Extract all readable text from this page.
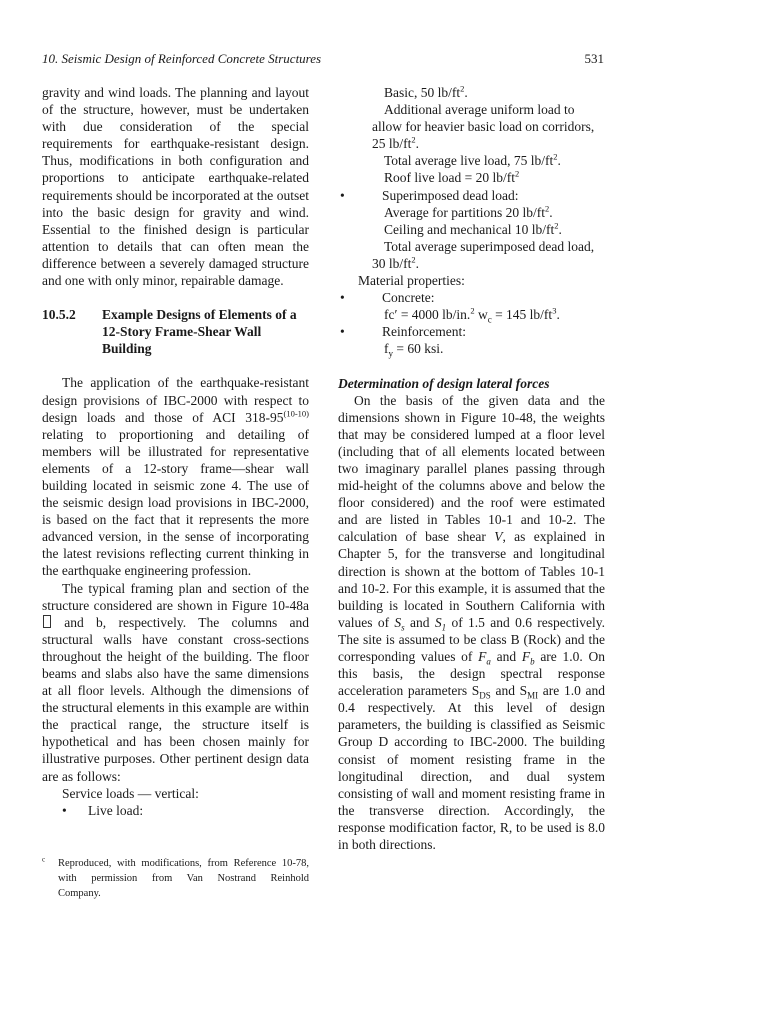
10. Seismic Design of Reinforced Concrete Structures	531

gravity and wind loads. The planning and layout of the structure, however, must be undertaken with due consideration of the special requirements for earthquake-resistant design. Thus, modifications in both configuration and proportions to anticipate earthquake-related requirements should be incorporated at the outset into the basic design for gravity and wind. Essential to the finished design is particular attention to details that can often mean the difference between a severely damaged structure and one with only minor, repairable damage.

10.5.2	Example Designs of Elements of a 12-Story Frame-Shear Wall Building

The application of the earthquake-resistant design provisions of IBC-2000 with respect to design loads and those of ACI 318-95$^{(10-10)}$ relating to proportioning and detailing of members will be illustrated for representative elements of a 12-story frame—shear wall building located in seismic zone 4. The use of the seismic design load provisions in IBC-2000, is based on the fact that it represents the more advanced version, in the sense of incorporating the latest revisions reflecting current thinking in the earthquake engineering profession.

The typical framing plan and section of the structure considered are shown in Figure 10-48a and b, respectively. The columns and structural walls have constant cross-sections throughout the height of the building. The floor beams and slabs also have the same dimensions at all floor levels. Although the dimensions of the structural elements in this example are within the practical range, the structure itself is hypothetical and has been chosen mainly for illustrative purposes. Other pertinent design data are as follows:

Service loads — vertical:

•	Live load:

Basic, 50 $lb/ft^2$.

Additional average uniform load to allow for heavier basic load on corridors, 25 $lb/ft^2$.

Total average live load, 75 $lb/ft^2$.

Roof live load = 20 $lb/ft^2$

•	Superimposed dead load:

Average for partitions 20 $lb/ft^2$.

Ceiling and mechanical 10 $lb/ft^2$.

Total average superimposed dead load, 30 $lb/ft^2$.

Material properties:

•	Concrete:

fc′ = 4000 lb/in.$^2$ $w_c = 145$ $lb/ft^3$.

•	Reinforcement:

$f_y = 60$ ksi.

Determination of design lateral forces

On the basis of the given data and the dimensions shown in Figure 10-48, the weights that may be considered lumped at a floor level (including that of all elements located between two imaginary parallel planes passing through mid-height of the columns above and below the floor considered) and the roof were estimated and are listed in Tables 10-1 and 10-2. The calculation of base shear V, as explained in Chapter 5, for the transverse and longitudinal direction is shown at the bottom of Tables 10-1 and 10-2. For this example, it is assumed that the building is located in Southern California with values of $S_s$ and $S_1$ of 1.5 and 0.6 respectively. The site is assumed to be class B (Rock) and the corresponding values of $F_a$ and $F_b$ are 1.0. On this basis, the design spectral response acceleration parameters $S_{DS}$ and $S_{MI}$ are 1.0 and 0.4 respectively. At this level of design parameters, the building is classified as Seismic Group D according to IBC-2000. The building consist of moment resisting frame in the longitudinal direction, and dual system consisting of wall and moment resisting frame in the transverse direction. Accordingly, the response modification factor, R, to be used is 8.0 in both directions.

$^c$	Reproduced, with modifications, from Reference 10-78,
with permission from Van Nostrand Reinhold
Company.
